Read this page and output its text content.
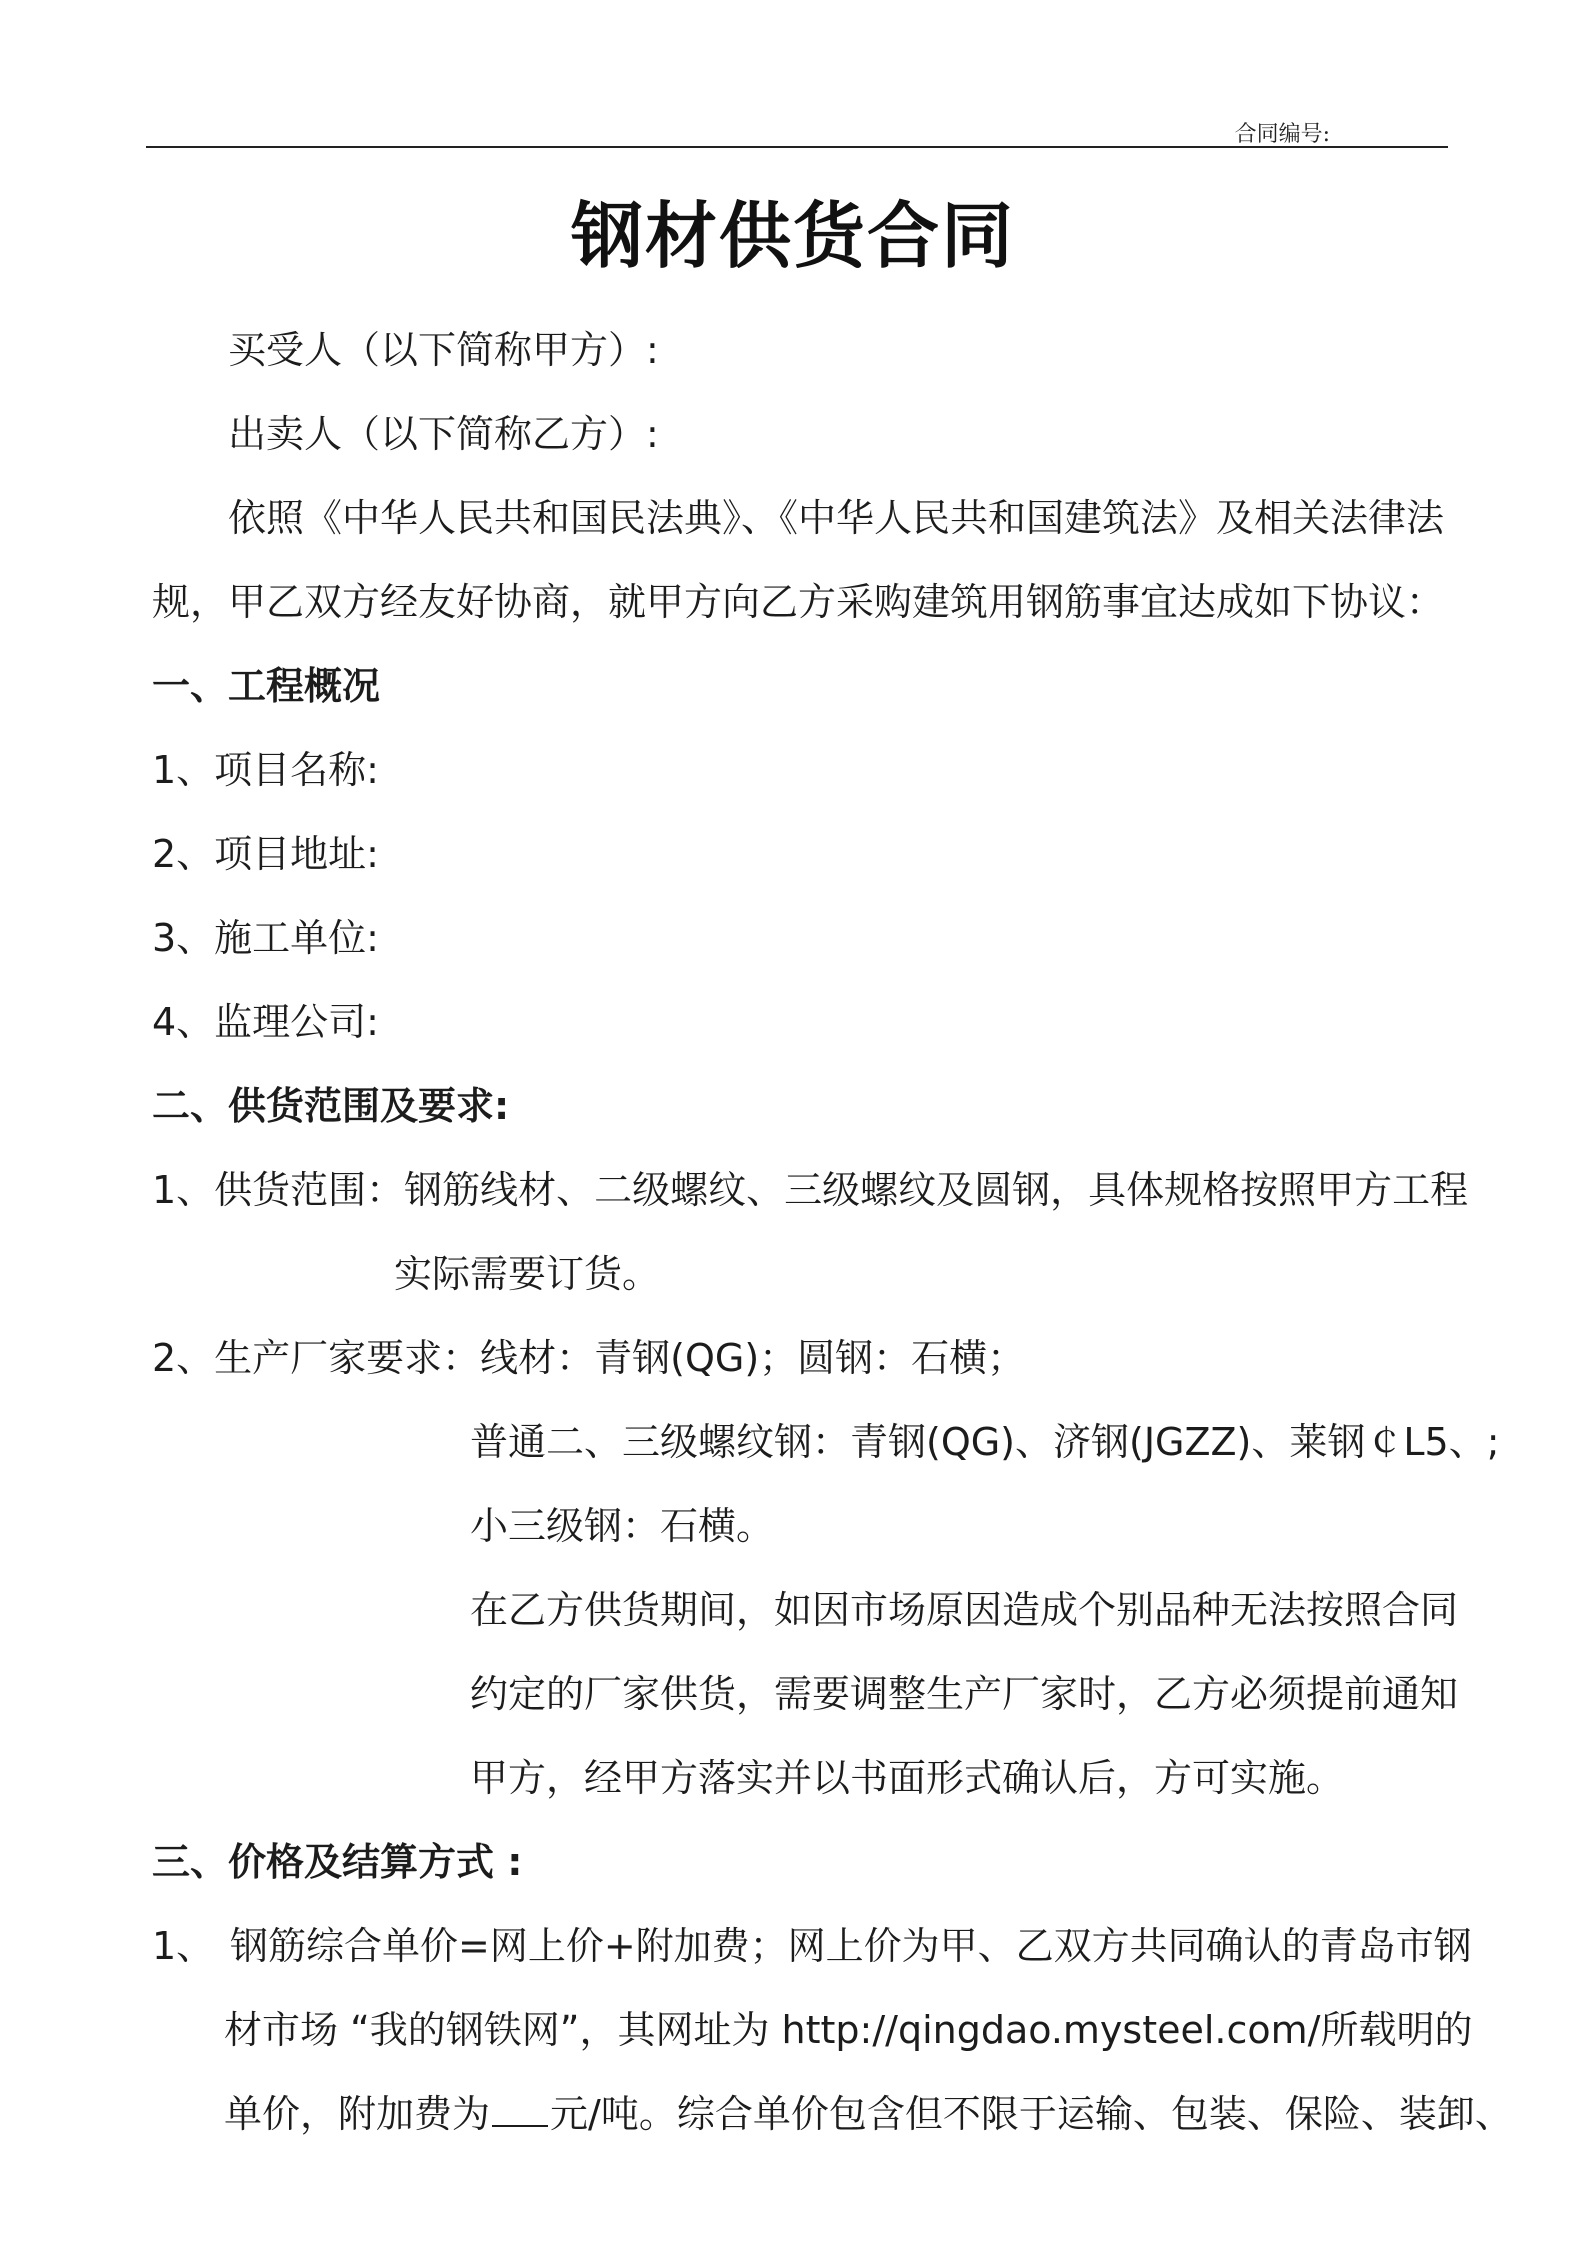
合同编号:
钢材供货合同
买受人（以下简称甲方）:
出卖人（以下简称乙方）:
依照《中华人民共和国民法典》、《中华人民共和国建筑法》及相关法律法
规，甲乙双方经友好协商，就甲方向乙方采购建筑用钢筋事宜达成如下协议：
一、工程概况
1、项目名称:
2、项目地址:
3、施工单位:
4、监理公司:
二、供货范围及要求:
1、供货范围：钢筋线材、二级螺纹、三级螺纹及圆钢，具体规格按照甲方工程
实际需要订货。
2、生产厂家要求：线材：青钢(QG)；圆钢：石横；
普通二、三级螺纹钢：青钢(QG)、济钢(JGZZ)、莱钢￠L5、;
小三级钢：石横。
在乙方供货期间，如因市场原因造成个别品种无法按照合同
约定的厂家供货，需要调整生产厂家时，乙方必须提前通知
甲方，经甲方落实并以书面形式确认后，方可实施。
三、价格及结算方式 :
1、 钢筋综合单价=网上价+附加费；网上价为甲、乙双方共同确认的青岛市钢
材市场 “我的钢铁网”，其网址为 http://qingdao.mysteel.com/所载明的
单价，附加费为 元/吨。综合单价包含但不限于运输、包装、保险、装卸、
